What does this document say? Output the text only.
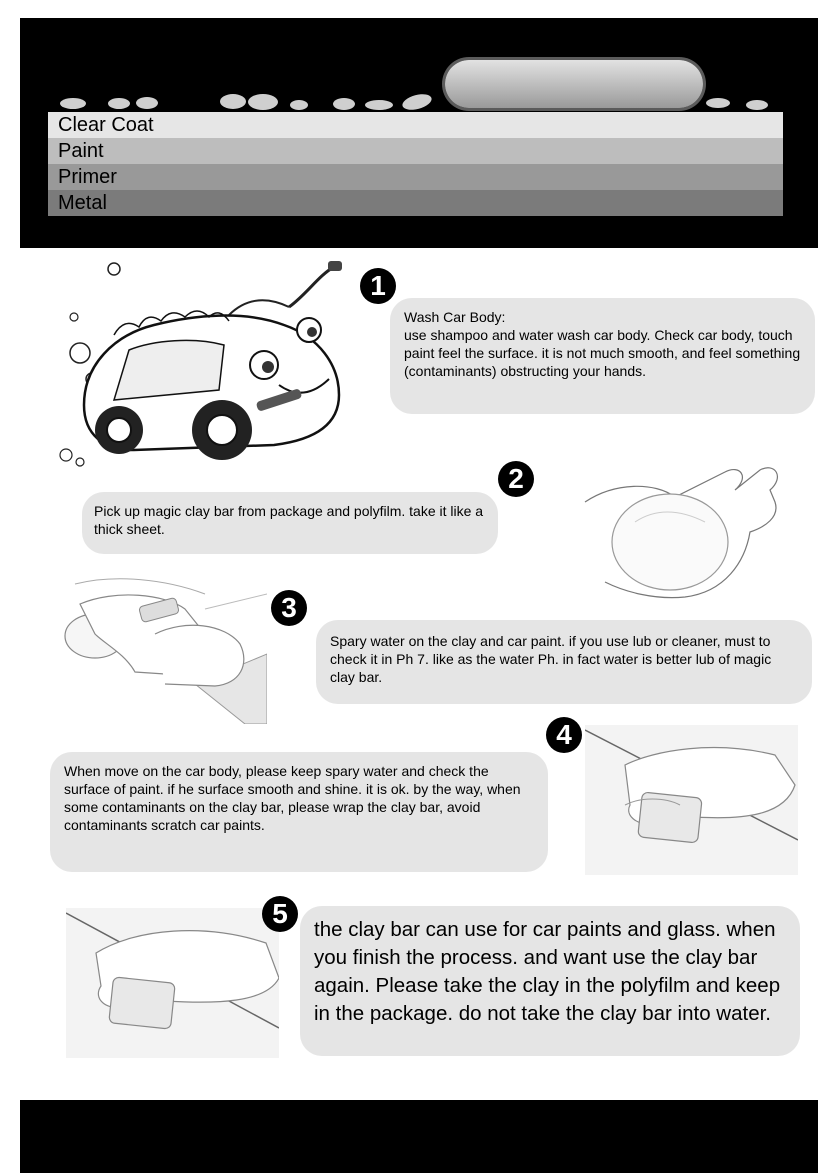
Clear Coat
Paint
Primer
Metal
1
Wash Car Body:
use shampoo and water wash car body. Check car body, touch paint feel the surface. it is not much smooth, and feel something (contaminants) obstructing your hands.
2
Pick up magic clay bar from package and polyfilm. take it like a thick sheet.
3
Spary water on the clay and car paint. if you use lub or cleaner, must to check it in Ph 7. like as the water Ph. in fact water is better lub of magic clay bar.
4
When move on the car body, please keep spary water and check the surface of paint. if he surface smooth and shine. it is ok. by the way, when some contaminants on the clay bar, please wrap the clay bar, avoid contaminants scratch car paints.
5
the clay bar can use for car paints and glass. when you finish the process. and want use the clay bar again. Please take the clay in the polyfilm and keep in the package. do not take the clay bar into water.
